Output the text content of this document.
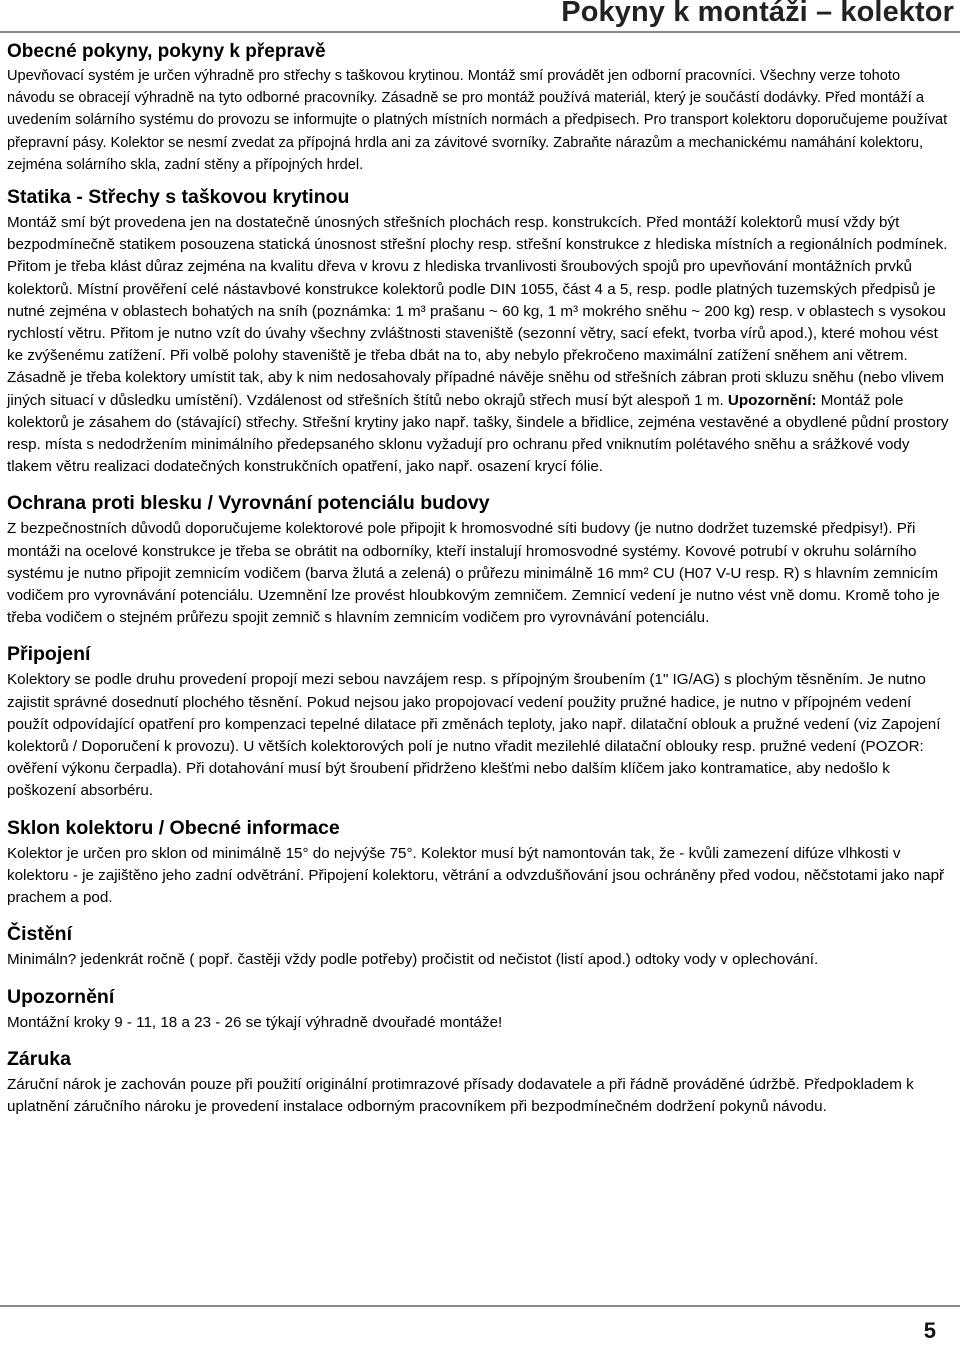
Pokyny k montáži – kolektor
Obecné pokyny, pokyny k přepravě

Upevňovací systém je určen výhradně pro střechy s taškovou krytinou. Montáž smí provádět jen odborní pracovníci. Všechny verze tohoto návodu se obracejí výhradně na tyto odborné pracovníky. Zásadně se pro montáž používá materiál, který je součástí dodávky. Před montáží a uvedením solárního systému do provozu se informujte o platných místních normách a předpisech. Pro transport kolektoru doporučujeme používat přepravní pásy. Kolektor se nesmí zvedat za přípojná hrdla ani za závitové svorníky. Zabraňte nárazům a mechanickému namáhání kolektoru, zejména solárního skla, zadní stěny a přípojných hrdel.

Statika - Střechy s taškovou krytinou

Montáž smí být provedena jen na dostatečně únosných střešních plochách resp. konstrukcích. Před montáží kolektorů musí vždy být bezpodmínečně statikem posouzena statická únosnost střešní plochy resp. střešní konstrukce z hlediska místních a regionálních podmínek. Přitom je třeba klást důraz zejména na kvalitu dřeva v krovu z hlediska trvanlivosti šroubových spojů pro upevňování montážních prvků kolektorů. Místní prověření celé nástavbové konstrukce kolektorů podle DIN 1055, část 4 a 5, resp. podle platných tuzemských předpisů je nutné zejména v oblastech bohatých na sníh (poznámka: 1 m³ prašanu ~ 60 kg, 1 m³ mokrého sněhu ~ 200 kg) resp. v oblastech s vysokou rychlostí větru. Přitom je nutno vzít do úvahy všechny zvláštnosti staveniště (sezonní větry, sací efekt, tvorba vírů apod.), které mohou vést ke zvýšenému zatížení. Při volbě polohy staveniště je třeba dbát na to, aby nebylo překročeno maximální zatížení sněhem ani větrem. Zásadně je třeba kolektory umístit tak, aby k nim nedosahovaly případné návěje sněhu od střešních zábran proti skluzu sněhu (nebo vlivem jiných situací v důsledku umístění). Vzdálenost od střešních štítů nebo okrajů střech musí být alespoň 1 m. Upozornění: Montáž pole kolektorů je zásahem do (stávající) střechy. Střešní krytiny jako např. tašky, šindele a břidlice, zejména vestavěné a obydlené půdní prostory resp. místa s nedodržením minimálního předepsaného sklonu vyžadují pro ochranu před vniknutím polétavého sněhu a srážkové vody tlakem větru realizaci dodatečných konstrukčních opatření, jako např. osazení krycí fólie.

Ochrana proti blesku / Vyrovnání potenciálu budovy

Z bezpečnostních důvodů doporučujeme kolektorové pole připojit k hromosvodné síti budovy (je nutno dodržet tuzemské předpisy!). Při montáži na ocelové konstrukce je třeba se obrátit na odborníky, kteří instalují hromosvodné systémy. Kovové potrubí v okruhu solárního systému je nutno připojit zemnicím vodičem (barva žlutá a zelená) o průřezu minimálně 16 mm² CU (H07 V-U resp. R) s hlavním zemnicím vodičem pro vyrovnávání potenciálu. Uzemnění lze provést hloubkovým zemničem. Zemnicí vedení je nutno vést vně domu. Kromě toho je třeba vodičem o stejném průřezu spojit zemnič s hlavním zemnicím vodičem pro vyrovnávání potenciálu.

Připojení

Kolektory se podle druhu provedení propojí mezi sebou navzájem resp. s přípojným šroubením (1" IG/AG) s plochým těsněním. Je nutno zajistit správné dosednutí plochého těsnění. Pokud nejsou jako propojovací vedení použity pružné hadice, je nutno v přípojném vedení použít odpovídající opatření pro kompenzaci tepelné dilatace při změnách teploty, jako např. dilatační oblouk a pružné vedení (viz Zapojení kolektorů / Doporučení k provozu). U větších kolektorových polí je nutno vřadit mezilehlé dilatační oblouky resp. pružné vedení (POZOR: ověření výkonu čerpadla). Při dotahování musí být šroubení přidrženo klešťmi nebo dalším klíčem jako kontramatice, aby nedošlo k poškození absorbéru.

Sklon kolektoru / Obecné informace

Kolektor je určen pro sklon od minimálně 15° do nejvýše 75°. Kolektor musí být namontován tak, že - kvůli zamezení difúze vlhkosti v kolektoru - je zajištěno jeho zadní odvětrání. Připojení kolektoru, větrání a odvzdušňování jsou ochráněny před vodou, něčstotami jako např prachem a pod.

Čistění

Minimáln? jedenkrát ročně ( popř. častěji vždy podle potřeby) pročistit od nečistot (listí apod.) odtoky vody v oplechování.

Upozornění

Montážní kroky 9 - 11, 18 a 23 - 26 se týkají výhradně dvouřadé montáže!

Záruka

Záruční nárok je zachován pouze při použití originální protimrazové přísady dodavatele a při řádně prováděné údržbě. Předpokladem k uplatnění záručního nároku je provedení instalace odborným pracovníkem při bezpodmínečném dodržení pokynů návodu.

5
